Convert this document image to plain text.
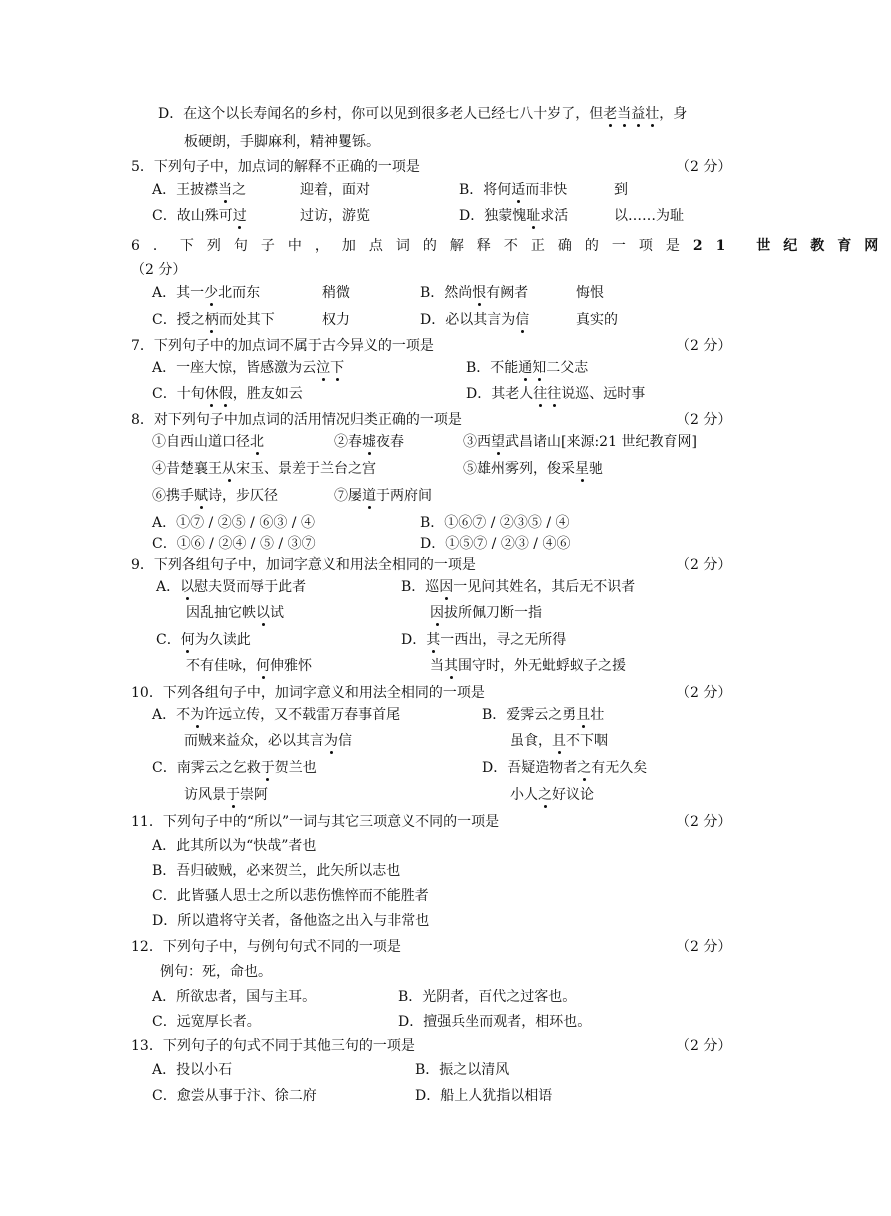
D．在这个以长寿闻名的乡村，你可以见到很多老人已经七八十岁了，但老当益壮，身
板硬朗，手脚麻利，精神矍铄。
5．下列句子中，加点词的解释不正确的一项是	（2 分）
A．王披襟当之	迎着，面对	B．将何适而非快	到
C．故山殊可过	过访，游览	D．独蒙愧耻求活	以……为耻
6．下列句子中，加点词的解释不正确的一项是21 世纪教育网
（2 分）
A．其一少北而东	稍微	B．然尚恨有阙者	悔恨
C．授之柄而处其下	权力	D．必以其言为信	真实的
7．下列句子中的加点词不属于古今异义的一项是	（2 分）
A．一座大惊，皆感激为云泣下	B．不能通知二父志
C．十旬休假，胜友如云	D．其老人往往说巡、远时事
8．对下列句子中加点词的活用情况归类正确的一项是	（2 分）
①自西山道口径北	②春墟夜春	③西望武昌诸山[来源:21 世纪教育网]
④昔楚襄王从宋玉、景差于兰台之宫	⑤雄州雾列，俊采星驰
⑥携手赋诗，步仄径	⑦屡道于两府间
A．①⑦ / ②⑤ / ⑥③ / ④	B．①⑥⑦ / ②③⑤ / ④
C．①⑥ / ②④ / ⑤ / ③⑦	D．①⑤⑦ / ②③ / ④⑥
9．下列各组句子中，加词字意义和用法全相同的一项是	（2 分）
A．以慰夫贤而辱于此者	B．巡因一见问其姓名，其后无不识者
因乱抽它帙以试	因拔所佩刀断一指
C．何为久读此	D．其一西出，寻之无所得
不有佳咏，何伸雅怀	当其围守时，外无蚍蜉蚁子之援
10．下列各组句子中，加词字意义和用法全相同的一项是	（2 分）
A．不为许远立传，又不载雷万春事首尾	B．爱霁云之勇且壮
而贼来益众，必以其言为信	虽食，且不下咽
C．南霁云之乞救于贺兰也	D．吾疑造物者之有无久矣
访风景于崇阿	小人之好议论
11．下列句子中的“所以”一词与其它三项意义不同的一项是	（2 分）
A．此其所以为“快哉”者也
B．吾归破贼，必来贺兰，此矢所以志也
C．此皆骚人思士之所以悲伤憔悴而不能胜者
D．所以遣将守关者，备他盗之出入与非常也
12．下列句子中，与例句句式不同的一项是	（2 分）
例句：死，命也。
A．所欲忠者，国与主耳。	B．光阴者，百代之过客也。
C．远宽厚长者。	D．擅强兵坐而观者，相环也。
13．下列句子的句式不同于其他三句的一项是	（2 分）
A．投以小石	B．振之以清风
C．愈尝从事于汴、徐二府	D．船上人犹指以相语
